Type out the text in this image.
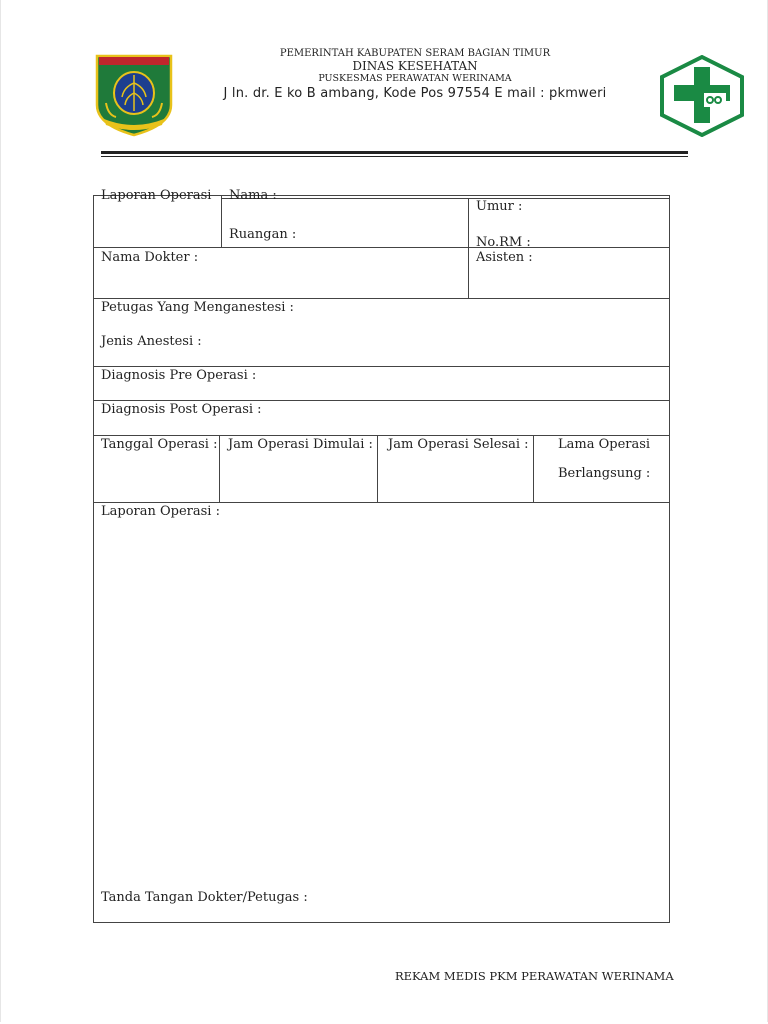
PEMERINTAH KABUPATEN SERAM BAGIAN TIMUR
DINAS KESEHATAN
PUSKESMAS PERAWATAN WERINAMA
J ln. dr. E ko B ambang, Kode Pos 97554 E mail : pkmweri
Laporan Operasi Nama :
Ruangan :
Umur :
No.RM :
Nama Dokter :	Asisten :
Petugas Yang Menganestesi :
Jenis Anestesi :
Diagnosis Pre Operasi :
Diagnosis Post Operasi :
Tanggal Operasi : Jam Operasi Dimulai : Jam Operasi Selesai : Lama Operasi
Berlangsung :
Laporan Operasi :
Tanda Tangan Dokter/Petugas :
REKAM MEDIS PKM PERAWATAN WERINAMA
